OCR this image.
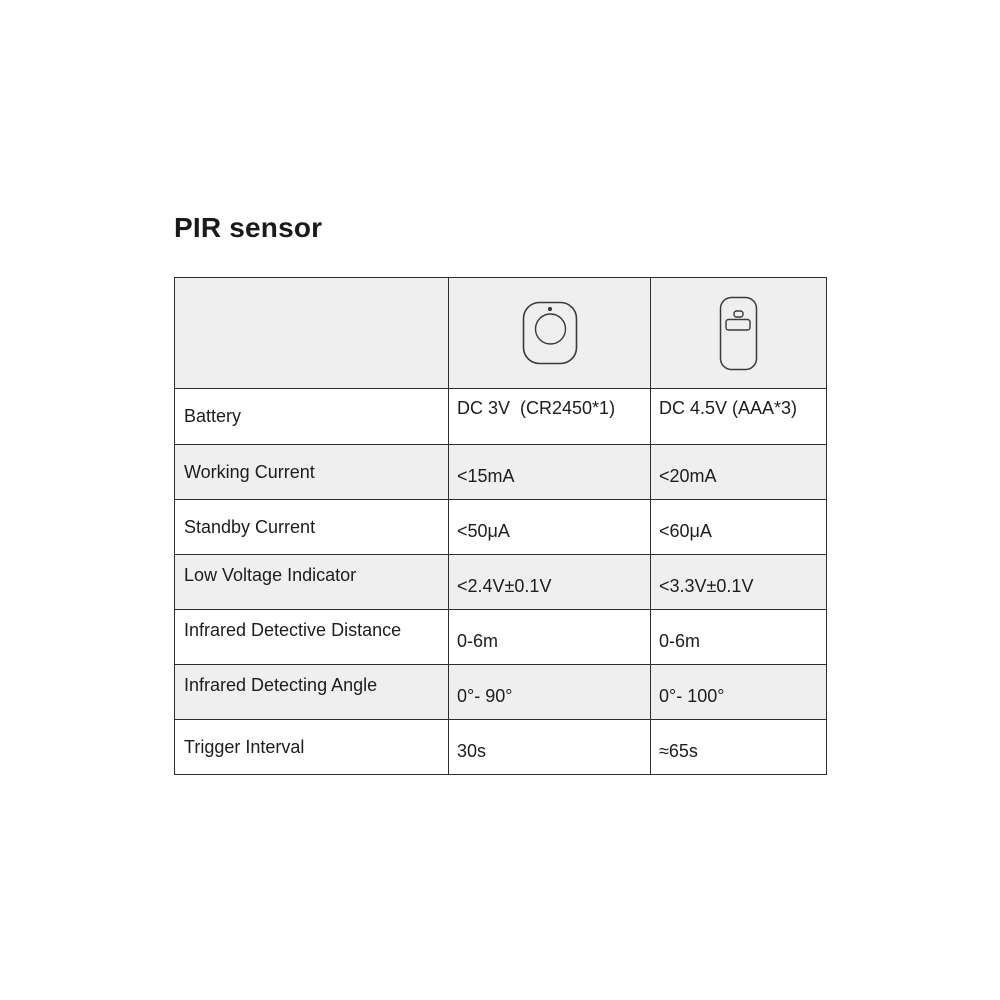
PIR sensor

Battery	DC 3V  (CR2450*1)	DC 4.5V (AAA*3)
Working Current	<15mA	<20mA
Standby Current	<50μA	<60μA
Low Voltage Indicator	<2.4V±0.1V	<3.3V±0.1V
Infrared Detective Distance	0-6m	0-6m
Infrared Detecting Angle	0°- 90°	0°- 100°
Trigger Interval	30s	≈65s
